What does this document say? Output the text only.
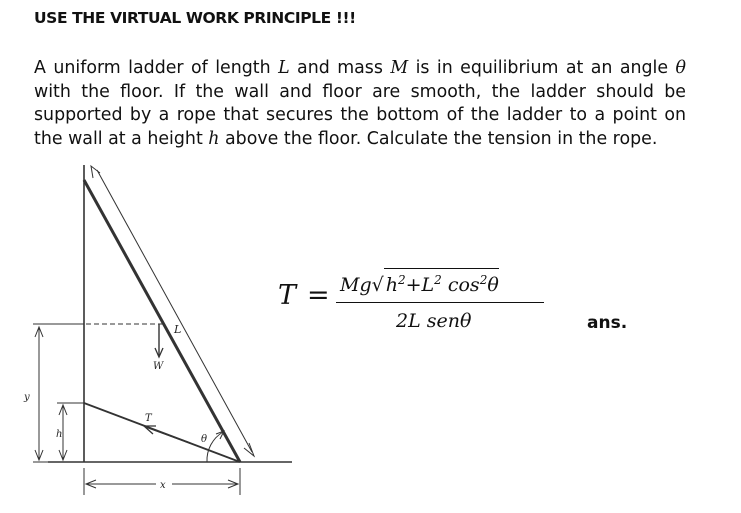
USE THE VIRTUAL WORK PRINCIPLE !!!
A uniform ladder of length L and mass M is in equilibrium at an angle θ with the floor. If the wall and floor are smooth, the ladder should be supported by a rope that secures the bottom of the ladder to a point on the wall at a height h above the floor. Calculate the tension in the rope.
L
W
T
θ
y
h
x
T = Mg√ $h^2+L^2$ $\cos^2\theta$
2L senθ	ans.
